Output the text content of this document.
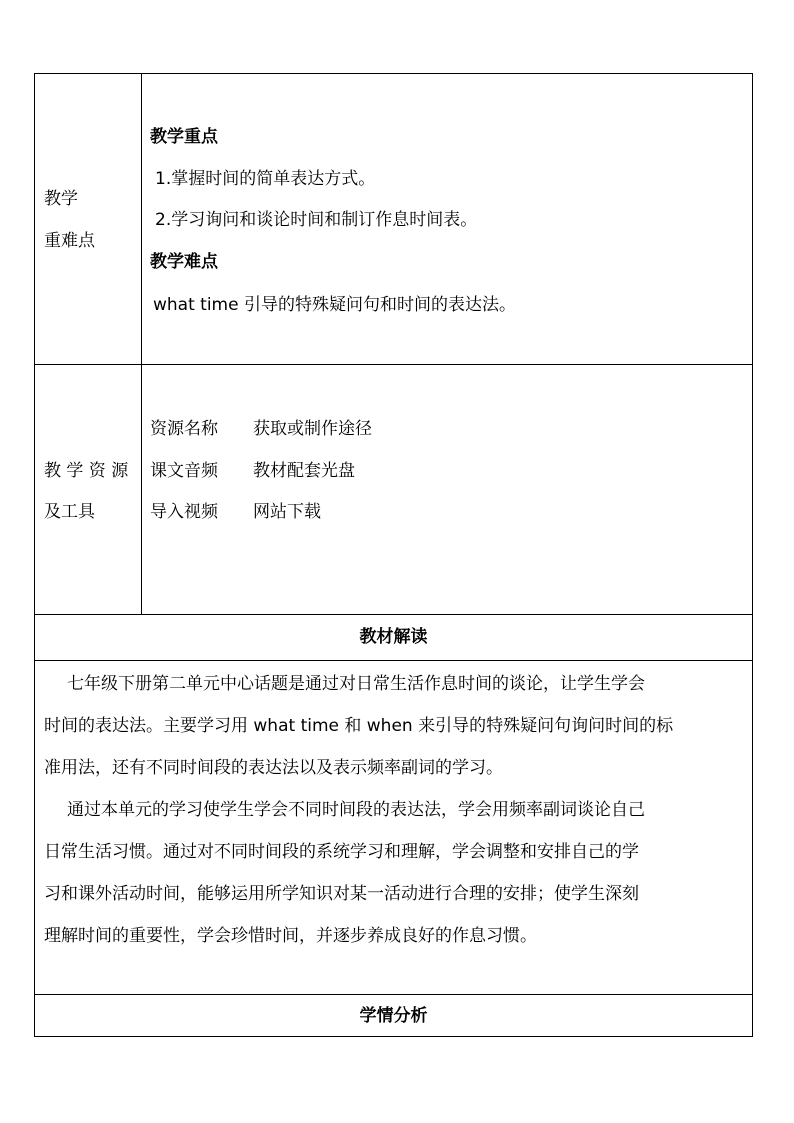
教学
重难点
教学重点
1.掌握时间的简单表达方式。
2.学习询问和谈论时间和制订作息时间表。
教学难点
what time 引导的特殊疑问句和时间的表达法。
教 学 资 源
及工具
资源名称 获取或制作途径
课文音频 教材配套光盘
导入视频 网站下载
教材解读
七年级下册第二单元中心话题是通过对日常生活作息时间的谈论，让学生学会
时间的表达法。主要学习用 what time 和 when 来引导的特殊疑问句询问时间的标
准用法，还有不同时间段的表达法以及表示频率副词的学习。
通过本单元的学习使学生学会不同时间段的表达法，学会用频率副词谈论自己
日常生活习惯。通过对不同时间段的系统学习和理解，学会调整和安排自己的学
习和课外活动时间，能够运用所学知识对某一活动进行合理的安排；使学生深刻
理解时间的重要性，学会珍惜时间，并逐步养成良好的作息习惯。
学情分析
